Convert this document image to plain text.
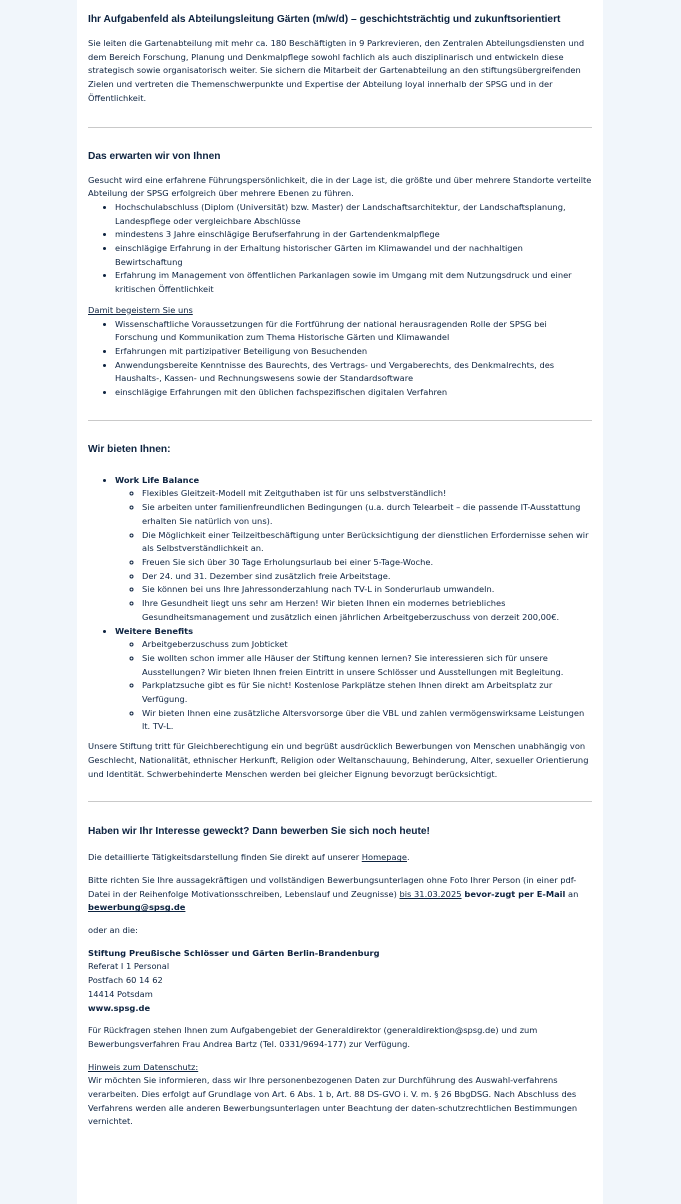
Ihr Aufgabenfeld als Abteilungsleitung Gärten (m/w/d) – geschichtsträchtig und zukunftsorientiert

Sie leiten die Gartenabteilung mit mehr ca. 180 Beschäftigten in 9 Parkrevieren, den Zentralen Abteilungsdiensten und dem Bereich Forschung, Planung und Denkmalpflege sowohl fachlich als auch disziplinarisch und entwickeln diese strategisch sowie organisatorisch weiter. Sie sichern die Mitarbeit der Gartenabteilung an den stiftungsübergreifenden Zielen und vertreten die Themenschwerpunkte und Expertise der Abteilung loyal innerhalb der SPSG und in der Öffentlichkeit.

Das erwarten wir von Ihnen

Gesucht wird eine erfahrene Führungspersönlichkeit, die in der Lage ist, die größte und über mehrere Standorte verteilte Abteilung der SPSG erfolgreich über mehrere Ebenen zu führen.

• Hochschulabschluss (Diplom (Universität) bzw. Master) der Landschaftsarchitektur, der Landschaftsplanung, Landespflege oder vergleichbare Abschlüsse
• mindestens 3 Jahre einschlägige Berufserfahrung in der Gartendenkmalpflege
• einschlägige Erfahrung in der Erhaltung historischer Gärten im Klimawandel und der nachhaltigen Bewirtschaftung
• Erfahrung im Management von öffentlichen Parkanlagen sowie im Umgang mit dem Nutzungsdruck und einer kritischen Öffentlichkeit

Damit begeistern Sie uns

• Wissenschaftliche Voraussetzungen für die Fortführung der national herausragenden Rolle der SPSG bei Forschung und Kommunikation zum Thema Historische Gärten und Klimawandel
• Erfahrungen mit partizipativer Beteiligung von Besuchenden
• Anwendungsbereite Kenntnisse des Baurechts, des Vertrags- und Vergaberechts, des Denkmalrechts, des Haushalts-, Kassen- und Rechnungswesens sowie der Standardsoftware
• einschlägige Erfahrungen mit den üblichen fachspezifischen digitalen Verfahren
Wir bieten Ihnen:
• Work Life Balance
◦ Flexibles Gleitzeit-Modell mit Zeitguthaben ist für uns selbstverständlich!
◦ Sie arbeiten unter familienfreundlichen Bedingungen (u.a. durch Telearbeit – die passende IT-Ausstattung erhalten Sie natürlich von uns).
◦ Die Möglichkeit einer Teilzeitbeschäftigung unter Berücksichtigung der dienstlichen Erfordernisse sehen wir als Selbstverständlichkeit an.
◦ Freuen Sie sich über 30 Tage Erholungsurlaub bei einer 5-Tage-Woche.
◦ Der 24. und 31. Dezember sind zusätzlich freie Arbeitstage.
◦ Sie können bei uns Ihre Jahressonderzahlung nach TV-L in Sonderurlaub umwandeln.
◦ Ihre Gesundheit liegt uns sehr am Herzen! Wir bieten Ihnen ein modernes betriebliches Gesundheitsmanagement und zusätzlich einen jährlichen Arbeitgeberzuschuss von derzeit 200,00€.
• Weitere Benefits
◦ Arbeitgeberzuschuss zum Jobticket
◦ Sie wollten schon immer alle Häuser der Stiftung kennen lernen? Sie interessieren sich für unsere Ausstellungen? Wir bieten Ihnen freien Eintritt in unsere Schlösser und Ausstellungen mit Begleitung.
◦ Parkplatzsuche gibt es für Sie nicht! Kostenlose Parkplätze stehen Ihnen direkt am Arbeitsplatz zur Verfügung.
◦ Wir bieten Ihnen eine zusätzliche Altersvorsorge über die VBL und zahlen vermögenswirksame Leistungen lt. TV-L.

Unsere Stiftung tritt für Gleichberechtigung ein und begrüßt ausdrücklich Bewerbungen von Menschen unabhängig von Geschlecht, Nationalität, ethnischer Herkunft, Religion oder Weltanschauung, Behinderung, Alter, sexueller Orientierung und Identität. Schwerbehinderte Menschen werden bei gleicher Eignung bevorzugt berücksichtigt.

Haben wir Ihr Interesse geweckt? Dann bewerben Sie sich noch heute!

Die detaillierte Tätigkeitsdarstellung finden Sie direkt auf unserer Homepage.

Bitte richten Sie Ihre aussagekräftigen und vollständigen Bewerbungsunterlagen ohne Foto Ihrer Person (in einer pdf-Datei in der Reihenfolge Motivationsschreiben, Lebenslauf und Zeugnisse) bis 31.03.2025 bevor-zugt per E-Mail an bewerbung@spsg.de

oder an die:

Stiftung Preußische Schlösser und Gärten Berlin-Brandenburg

Referat I 1 Personal

Postfach 60 14 62

14414 Potsdam

www.spsg.de

Für Rückfragen stehen Ihnen zum Aufgabengebiet der Generaldirektor (generaldirektion@spsg.de) und zum Bewerbungsverfahren Frau Andrea Bartz (Tel. 0331/9694-177) zur Verfügung.

Hinweis zum Datenschutz:

Wir möchten Sie informieren, dass wir Ihre personenbezogenen Daten zur Durchführung des Auswahl-verfahrens verarbeiten. Dies erfolgt auf Grundlage von Art. 6 Abs. 1 b, Art. 88 DS-GVO i. V. m. § 26 BbgDSG. Nach Abschluss des Verfahrens werden alle anderen Bewerbungsunterlagen unter Beachtung der daten-schutzrechtlichen Bestimmungen vernichtet.
